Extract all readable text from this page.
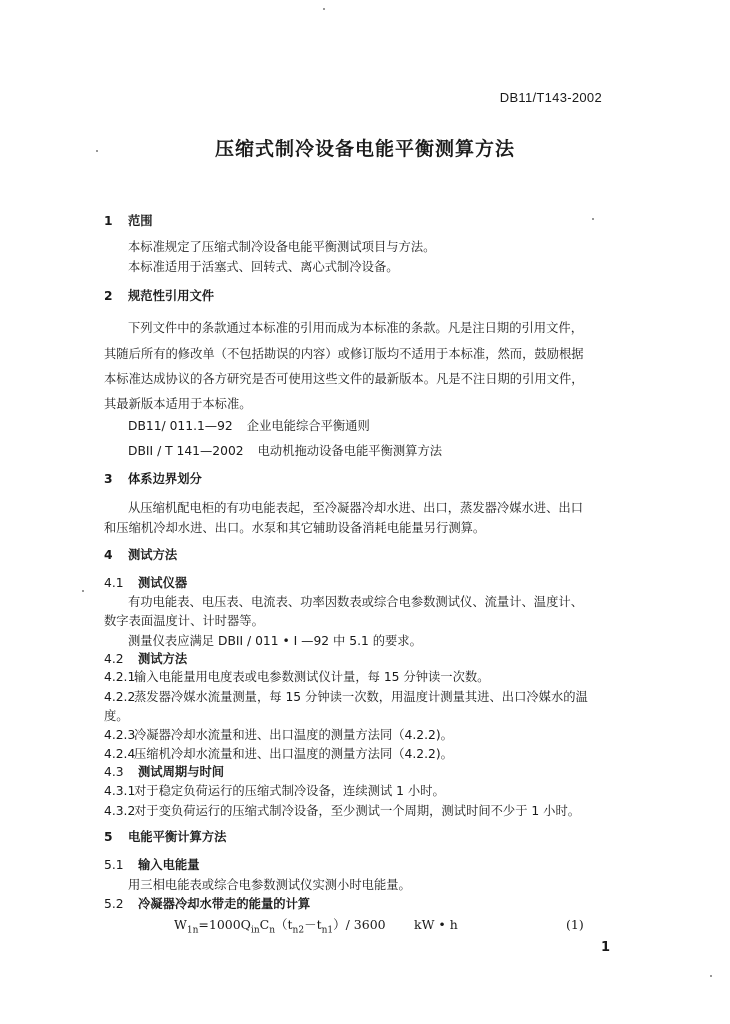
DB11/T143-2002
压缩式制冷设备电能平衡测算方法
1 范围
本标准规定了压缩式制冷设备电能平衡测试项目与方法。
本标准适用于活塞式、回转式、离心式制冷设备。
2 规范性引用文件
下列文件中的条款通过本标准的引用而成为本标准的条款。凡是注日期的引用文件，
其随后所有的修改单（不包括勘误的内容）或修订版均不适用于本标准，然而，鼓励根据
本标准达成协议的各方研究是否可使用这些文件的最新版本。凡是不注日期的引用文件，
其最新版本适用于本标准。
DB11/ 011.1—92 企业电能综合平衡通则
DBII / T 141—2002 电动机拖动设备电能平衡测算方法
3 体系边界划分
从压缩机配电柜的有功电能表起，至冷凝器冷却水进、出口，蒸发器冷媒水进、出口
和压缩机冷却水进、出口。水泵和其它辅助设备消耗电能量另行测算。
4 测试方法
4.1 测试仪器
有功电能表、电压表、电流表、功率因数表或综合电参数测试仪、流量计、温度计、
数字表面温度计、计时器等。
测量仪表应满足 DBII / 011 • I —92 中 5.1 的要求。
4.2 测试方法
4.2.1输入电能量用电度表或电参数测试仪计量，每 15 分钟读一次数。
4.2.2蒸发器冷媒水流量测量，每 15 分钟读一次数，用温度计测量其进、出口冷媒水的温
度。
4.2.3冷凝器冷却水流量和进、出口温度的测量方法同（4.2.2)。
4.2.4压缩机冷却水流量和进、出口温度的测量方法同（4.2.2)。
4.3 测试周期与时间
4.3.1对于稳定负荷运行的压缩式制冷设备，连续测试 1 小时。
4.3.2对于变负荷运行的压缩式制冷设备，至少测试一个周期，测试时间不少于 1 小时。
5 电能平衡计算方法
5.1 输入电能量
用三相电能表或综合电参数测试仪实测小时电能量。
5.2 冷凝器冷却水带走的能量的计算
$W_{1n}=1000Q_{in}C_n(t_{n2}-t_{n1})/$ 3600 kW • h	(1)
1
